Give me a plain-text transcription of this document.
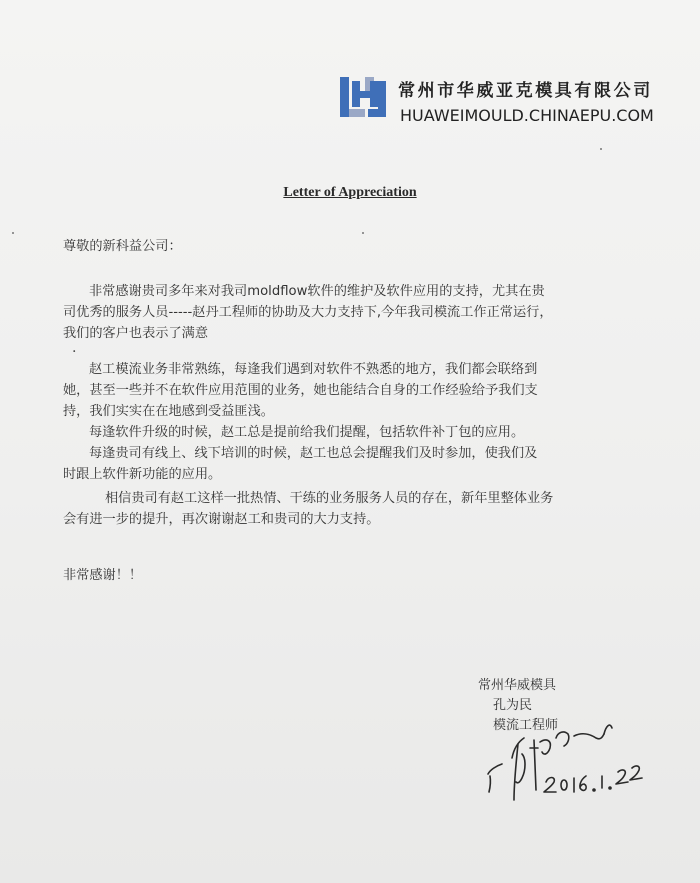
常州市华威亚克模具有限公司
HUAWEIMOULD.CHINAEPU.COM
Letter of Appreciation
尊敬的新科益公司：
非常感谢贵司多年来对我司moldflow软件的维护及软件应用的支持，尤其在贵
司优秀的服务人员-----赵丹工程师的协助及大力支持下,今年我司模流工作正常运行，
我们的客户也表示了满意
.
赵工模流业务非常熟练，每逢我们遇到对软件不熟悉的地方，我们都会联络到
她，甚至一些并不在软件应用范围的业务，她也能结合自身的工作经验给予我们支
持，我们实实在在地感到受益匪浅。
每逢软件升级的时候，赵工总是提前给我们提醒，包括软件补丁包的应用。
每逢贵司有线上、线下培训的时候，赵工也总会提醒我们及时参加，使我们及
时跟上软件新功能的应用。
相信贵司有赵工这样一批热情、干练的业务服务人员的存在，新年里整体业务
会有进一步的提升，再次谢谢赵工和贵司的大力支持。
非常感谢！！
常州华威模具
孔为民
模流工程师
